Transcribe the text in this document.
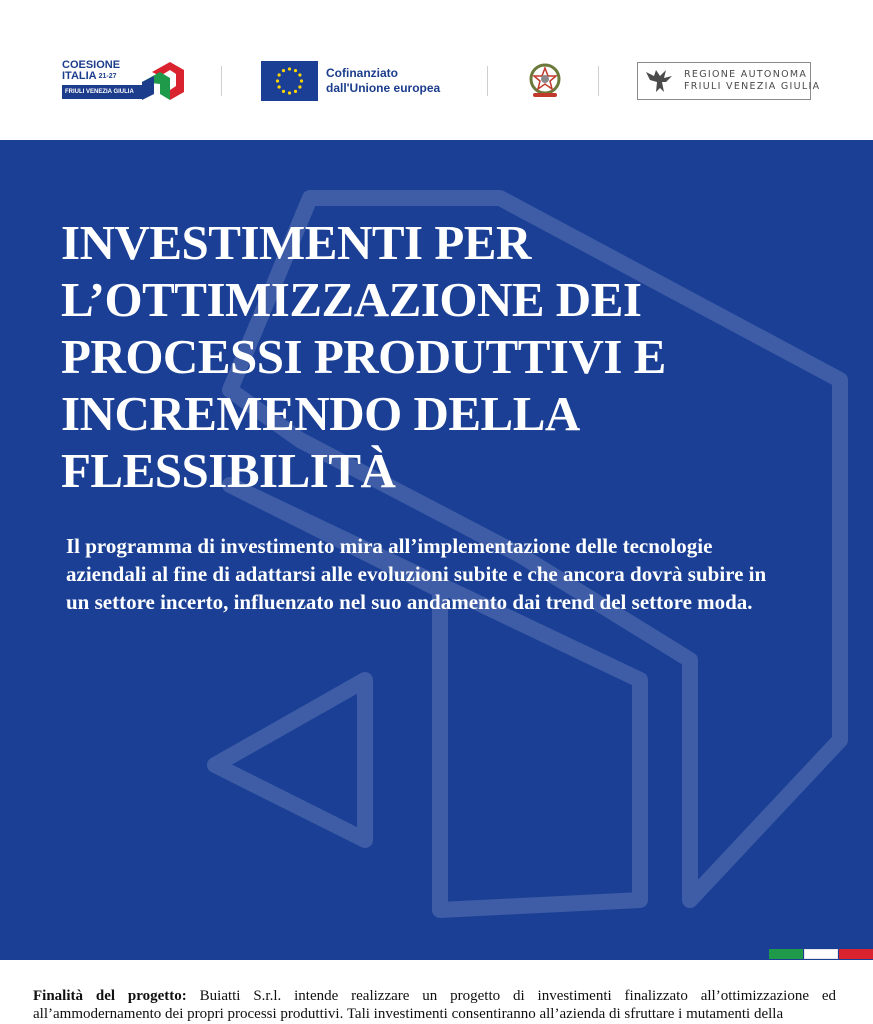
COESIONE
ITALIA $^{21-27}$
FRIULI VENEZIA GIULIA
Cofinanziato
dall'Unione europea
REGIONE AUTONOMA
FRIULI VENEZIA GIULIA
INVESTIMENTI PER
L’OTTIMIZZAZIONE DEI
PROCESSI PRODUTTIVI E
INCREMENDO DELLA
FLESSIBILITÀ

Il programma di investimento mira all’implementazione delle tecnologie aziendali al fine di adattarsi alle evoluzioni subite e che ancora dovrà subire in un settore incerto, influenzato nel suo andamento dai trend del settore moda.

Finalità del progetto: Buiatti S.r.l. intende realizzare un progetto di investimenti finalizzato all’ottimizzazione ed all’ammodernamento dei propri processi produttivi. Tali investimenti consentiranno all’azienda di sfruttare i mutamenti della
